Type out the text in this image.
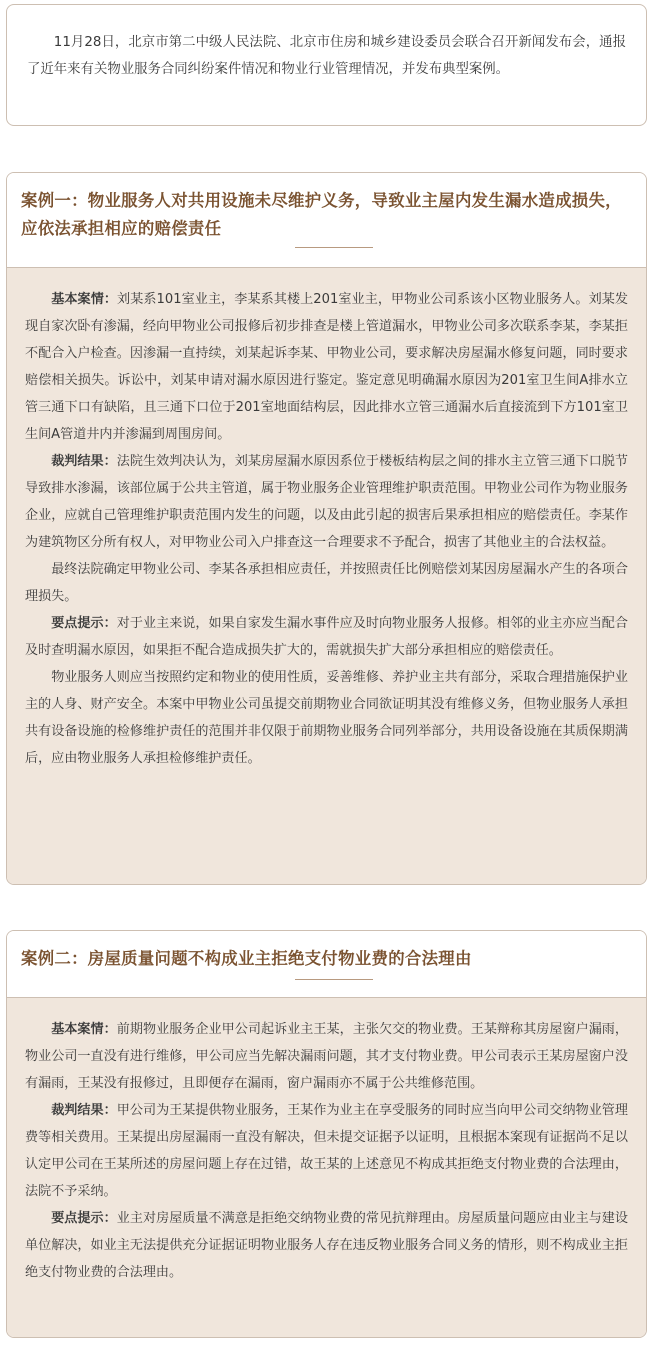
11月28日，北京市第二中级人民法院、北京市住房和城乡建设委员会联合召开新闻发布会，通报了近年来有关物业服务合同纠纷案件情况和物业行业管理情况，并发布典型案例。

案例一：物业服务人对共用设施未尽维护义务，导致业主屋内发生漏水造成损失，应依法承担相应的赔偿责任

基本案情：刘某系101室业主，李某系其楼上201室业主，甲物业公司系该小区物业服务人。刘某发现自家次卧有渗漏，经向甲物业公司报修后初步排查是楼上管道漏水，甲物业公司多次联系李某，李某拒不配合入户检查。因渗漏一直持续，刘某起诉李某、甲物业公司，要求解决房屋漏水修复问题，同时要求赔偿相关损失。诉讼中，刘某申请对漏水原因进行鉴定。鉴定意见明确漏水原因为201室卫生间A排水立管三通下口有缺陷，且三通下口位于201室地面结构层，因此排水立管三通漏水后直接流到下方101室卫生间A管道井内并渗漏到周围房间。

裁判结果：法院生效判决认为，刘某房屋漏水原因系位于楼板结构层之间的排水主立管三通下口脱节导致排水渗漏，该部位属于公共主管道，属于物业服务企业管理维护职责范围。甲物业公司作为物业服务企业，应就自己管理维护职责范围内发生的问题，以及由此引起的损害后果承担相应的赔偿责任。李某作为建筑物区分所有权人，对甲物业公司入户排查这一合理要求不予配合，损害了其他业主的合法权益。

最终法院确定甲物业公司、李某各承担相应责任，并按照责任比例赔偿刘某因房屋漏水产生的各项合理损失。

要点提示：对于业主来说，如果自家发生漏水事件应及时向物业服务人报修。相邻的业主亦应当配合及时查明漏水原因，如果拒不配合造成损失扩大的，需就损失扩大部分承担相应的赔偿责任。

物业服务人则应当按照约定和物业的使用性质，妥善维修、养护业主共有部分，采取合理措施保护业主的人身、财产安全。本案中甲物业公司虽提交前期物业合同欲证明其没有维修义务，但物业服务人承担共有设备设施的检修维护责任的范围并非仅限于前期物业服务合同列举部分，共用设备设施在其质保期满后，应由物业服务人承担检修维护责任。

案例二：房屋质量问题不构成业主拒绝支付物业费的合法理由

基本案情：前期物业服务企业甲公司起诉业主王某，主张欠交的物业费。王某辩称其房屋窗户漏雨，物业公司一直没有进行维修，甲公司应当先解决漏雨问题，其才支付物业费。甲公司表示王某房屋窗户没有漏雨，王某没有报修过，且即便存在漏雨，窗户漏雨亦不属于公共维修范围。

裁判结果：甲公司为王某提供物业服务，王某作为业主在享受服务的同时应当向甲公司交纳物业管理费等相关费用。王某提出房屋漏雨一直没有解决，但未提交证据予以证明，且根据本案现有证据尚不足以认定甲公司在王某所述的房屋问题上存在过错，故王某的上述意见不构成其拒绝支付物业费的合法理由，法院不予采纳。

要点提示：业主对房屋质量不满意是拒绝交纳物业费的常见抗辩理由。房屋质量问题应由业主与建设单位解决，如业主无法提供充分证据证明物业服务人存在违反物业服务合同义务的情形，则不构成业主拒绝支付物业费的合法理由。
